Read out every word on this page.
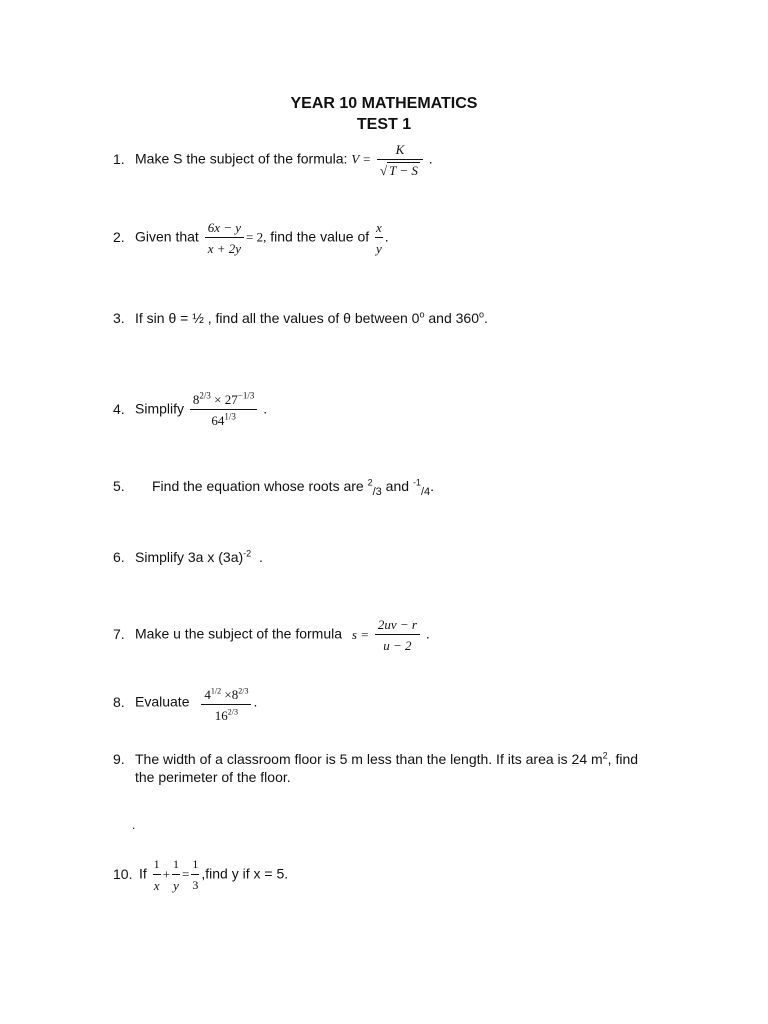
YEAR 10 MATHEMATICS
TEST 1
1. Make S the subject of the formula: $V = \frac{K}{√ T - S}$ .
2. Given that $\frac{6x - y}{x + 2y} = 2$, find the value of $\frac{x}{y}$ .
3. If sin θ = ½ , find all the values of θ between 0$^o$ and 360$^o$.
4. Simplify $\frac{8^{2/3} \times 27^{-1/3}}{64^{1/3}}$ .
5. Find the equation whose roots are $^2_{/3}$ and $^{-1}_{/4}$.
6. Simplify 3a x $(3a)^{-2}$  .
7. Make u the subject of the formula $s = \frac{2uv - r}{u - 2}$ .
8. Evaluate $\frac{4^{1/2} \times 8^{2/3}}{16^{2/3}}$ .
9. The width of a classroom floor is 5 m less than the length. If its area is 24 $m^2$, find
the perimeter of the floor.
.
10. If $\frac{1}{x} + \frac{1}{y} = \frac{1}{3}$ ,find y if x = 5.
